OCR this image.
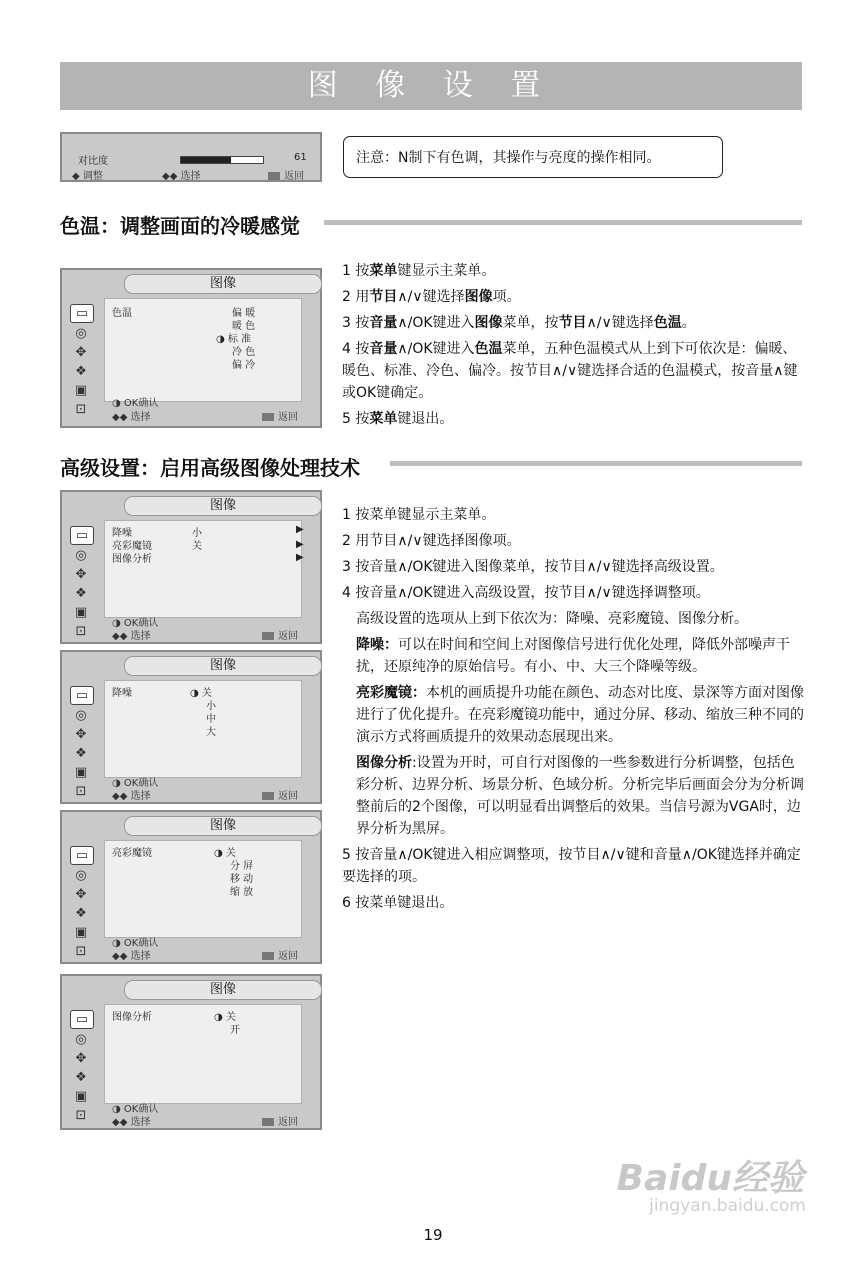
图 像 设 置
对比度	61
◆ 调整	◆◆ 选择	返回
注意：N制下有色调，其操作与亮度的操作相同。
色温：调整画面的冷暖感觉
图像
▭
◎
✥
❖
▣
⊡
色温	偏 暖
暖 色
◑ 标 准
冷 色
偏 冷
◑ OK确认
◆◆ 选择	返回

1 按菜单键显示主菜单。

2 用节目∧/∨键选择图像项。

3 按音量∧/OK键进入图像菜单，按节目∧/∨键选择色温。

4 按音量∧/OK键进入色温菜单，五种色温模式从上到下可依次是：偏暖、暖色、标准、冷色、偏冷。按节目∧/∨键选择合适的色温模式，按音量∧键或OK键确定。

5 按菜单键退出。

高级设置：启用高级图像处理技术
图像
▭
◎
✥
❖
▣
⊡
降噪	小	▶
亮彩魔镜	关	▶
图像分析	▶
◑ OK确认
◆◆ 选择	返回
图像
▭
◎
✥
❖
▣
⊡
降噪	◑ 关
小
中
大
◑ OK确认
◆◆ 选择	返回
图像
▭
◎
✥
❖
▣
⊡
亮彩魔镜	◑ 关
分 屏
移 动
缩 放
◑ OK确认
◆◆ 选择	返回
图像
▭
◎
✥
❖
▣
⊡
图像分析	◑ 关
开
◑ OK确认
◆◆ 选择	返回

1 按菜单键显示主菜单。

2 用节目∧/∨键选择图像项。

3 按音量∧/OK键进入图像菜单，按节目∧/∨键选择高级设置。

4 按音量∧/OK键进入高级设置，按节目∧/∨键选择调整项。

高级设置的选项从上到下依次为：降噪、亮彩魔镜、图像分析。

降噪：可以在时间和空间上对图像信号进行优化处理，降低外部噪声干扰，还原纯净的原始信号。有小、中、大三个降噪等级。

亮彩魔镜：本机的画质提升功能在颜色、动态对比度、景深等方面对图像进行了优化提升。在亮彩魔镜功能中，通过分屏、移动、缩放三种不同的演示方式将画质提升的效果动态展现出来。

图像分析:设置为开时，可自行对图像的一些参数进行分析调整，包括色彩分析、边界分析、场景分析、色域分析。分析完毕后画面会分为分析调整前后的2个图像，可以明显看出调整后的效果。当信号源为VGA时，边界分析为黑屏。

5 按音量∧/OK键进入相应调整项，按节目∧/∨键和音量∧/OK键选择并确定要选择的项。

6 按菜单键退出。

Baidu经验
jingyan.baidu.com
19
